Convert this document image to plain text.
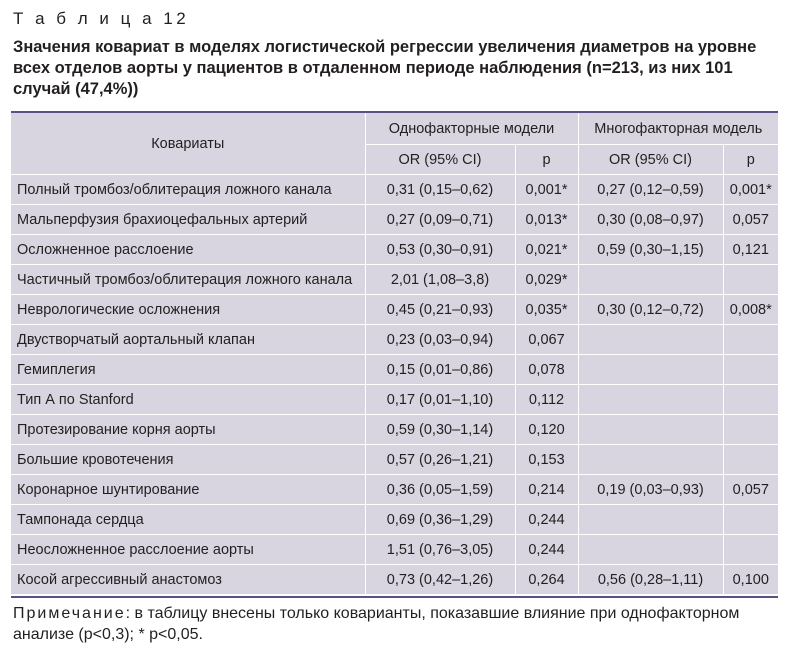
Т а б л и ц а 12
Значения ковариат в моделях логистической регрессии увеличения диаметров на уровне всех отделов аорты у пациентов в отдаленном периоде наблюдения (n=213, из них 101 случай (47,4%))
Ковариаты	Однофакторные модели		Многофакторная модель	
	OR (95% CI)	p	OR (95% CI)	p
Полный тромбоз/облитерация ложного канала	0,31 (0,15–0,62)	0,001*	0,27 (0,12–0,59)	0,001*
Мальперфузия брахиоцефальных артерий	0,27 (0,09–0,71)	0,013*	0,30 (0,08–0,97)	0,057
Осложненное расслоение	0,53 (0,30–0,91)	0,021*	0,59 (0,30–1,15)	0,121
Частичный тромбоз/облитерация ложного канала	2,01 (1,08–3,8)	0,029*		
Неврологические осложнения	0,45 (0,21–0,93)	0,035*	0,30 (0,12–0,72)	0,008*
Двустворчатый аортальный клапан	0,23 (0,03–0,94)	0,067		
Гемиплегия	0,15 (0,01–0,86)	0,078		
Тип А по Stanford	0,17 (0,01–1,10)	0,112		
Протезирование корня аорты	0,59 (0,30–1,14)	0,120		
Большие кровотечения	0,57 (0,26–1,21)	0,153		
Коронарное шунтирование	0,36 (0,05–1,59)	0,214	0,19 (0,03–0,93)	0,057
Тампонада сердца	0,69 (0,36–1,29)	0,244		
Неосложненное расслоение аорты	1,51 (0,76–3,05)	0,244		
Косой агрессивный анастомоз	0,73 (0,42–1,26)	0,264	0,56 (0,28–1,11)	0,100
Примечание: в таблицу внесены только ковариaнты, показавшие влияние при однофакторном анализе (p<0,3); * p<0,05.
